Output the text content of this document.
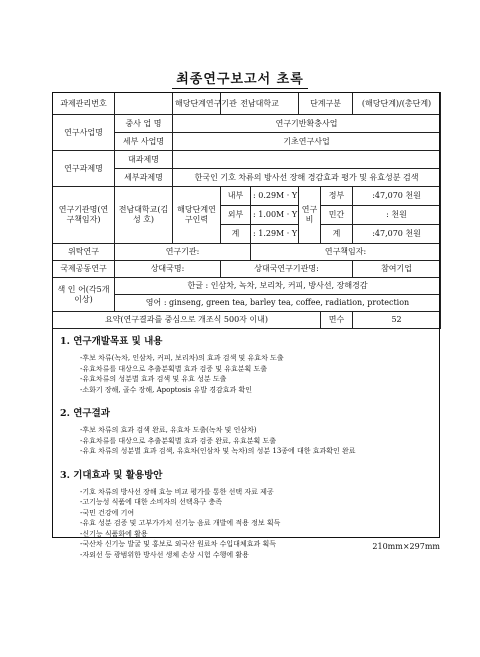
최종연구보고서 초록
과제관리번호		해당단계연구기관	전남대학교		단계구분		(해당단계)/(총단계)
연구사업명	중사 업 명	연구기반확충사업					
	세부 사업명	기초연구사업					
연구과제명	대과제명						
	세부과제명	한국인 기호 차류의 방사선 장해 경감효과 평가 및 유효성분 검색					
연구기관명(연구책임자)	전남대학교(김 성 호)	해당단계연구인력	내부	: 0.29M · Y	연구비	정부	:47,070 천원
			외부	: 1.00M · Y		민간	: 천원
			계	: 1.29M · Y		계	:47,070 천원
위탁연구	연구기관:			연구책임자:			
국제공동연구	상대국명:		상대국연구기관명:				참여기업
색 인 어(각5개이상)	한글 : 인삼차, 녹차, 보리차, 커피, 방사선, 장해경감						
	영어 : ginseng, green tea, barley tea, coffee, radiation, protection						
요약(연구결과를 중심으로 개조식 500자 이내)						면수	52
1. 연구개발목표 및 내용
-후보 차류(녹차, 인삼차, 커피, 보리차)의 효과 검색 및 유효차 도출
-유효차류를 대상으로 추출분획별 효과 검증 및 유효분획 도출
-유효차류의 성분별 효과 검색 및 유효 성분 도출
-소화기 장해, 골수 장해, Apoptosis 유발 경감효과 확인
2. 연구결과
-후보 차류의 효과 검색 완료, 유효차 도출(녹차 및 인삼차)
-유효차류를 대상으로 추출분획별 효과 검증 완료, 유효분획 도출
-유효 차류의 성분별 효과 검색, 유효차(인삼차 및 녹차)의 성분 13종에 대한 효과확인 완료
3. 기대효과 및 활용방안
-기호 차류의 방사선 장해 효능 비교 평가를 통한 선택 자료 제공
-고기능성 식품에 대한 소비자의 선택욕구 충족
-국민 건강에 기여
-유효 성분 검증 및 고부가가치 신기능 음료 개발에 적용 정보 획득
-신기능 식품화에 활용
-국산차 신기능 발굴 및 홍보로 외국산 원료차 수입대체효과 획득
-자외선 등 광범위한 방사선 생체 손상 시험 수행에 활용
210mm×297mm
